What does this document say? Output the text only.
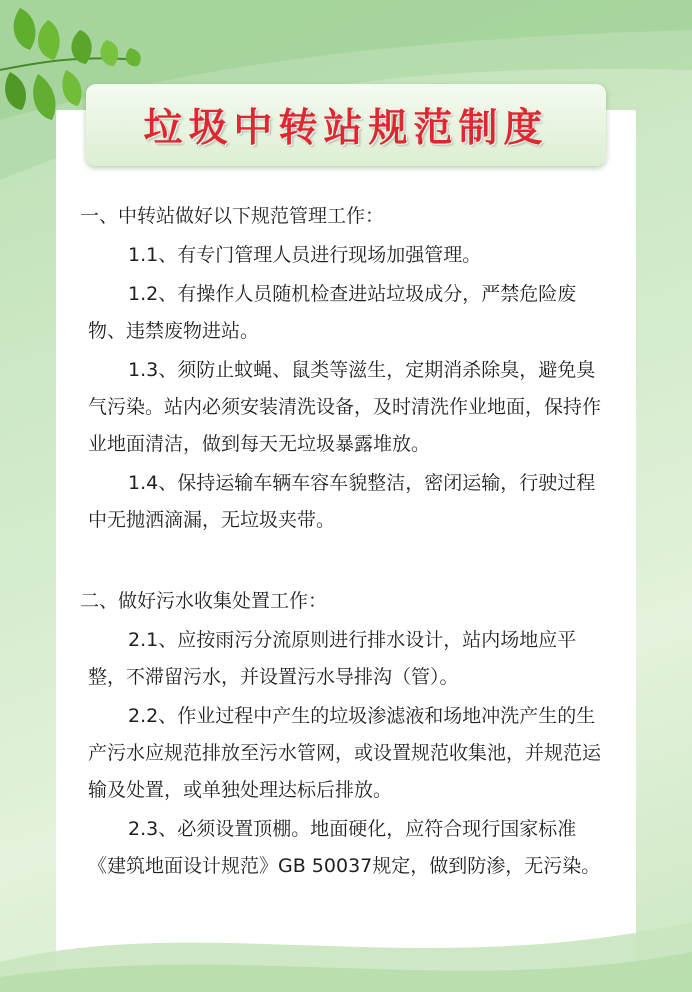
垃圾中转站规范制度
一、中转站做好以下规范管理工作：

1.1、有专门管理人员进行现场加强管理。

1.2、有操作人员随机检查进站垃圾成分，严禁危险废物、违禁废物进站。

1.3、须防止蚊蝇、鼠类等滋生，定期消杀除臭，避免臭气污染。站内必须安装清洗设备，及时清洗作业地面，保持作业地面清洁，做到每天无垃圾暴露堆放。

1.4、保持运输车辆车容车貌整洁，密闭运输，行驶过程中无抛洒滴漏，无垃圾夹带。

二、做好污水收集处置工作：

2.1、应按雨污分流原则进行排水设计，站内场地应平整，不滞留污水，并设置污水导排沟（管）。

2.2、作业过程中产生的垃圾渗滤液和场地冲洗产生的生产污水应规范排放至污水管网，或设置规范收集池，并规范运输及处置，或单独处理达标后排放。

2.3、必须设置顶棚。地面硬化，应符合现行国家标准《建筑地面设计规范》GB 50037规定，做到防渗，无污染。
